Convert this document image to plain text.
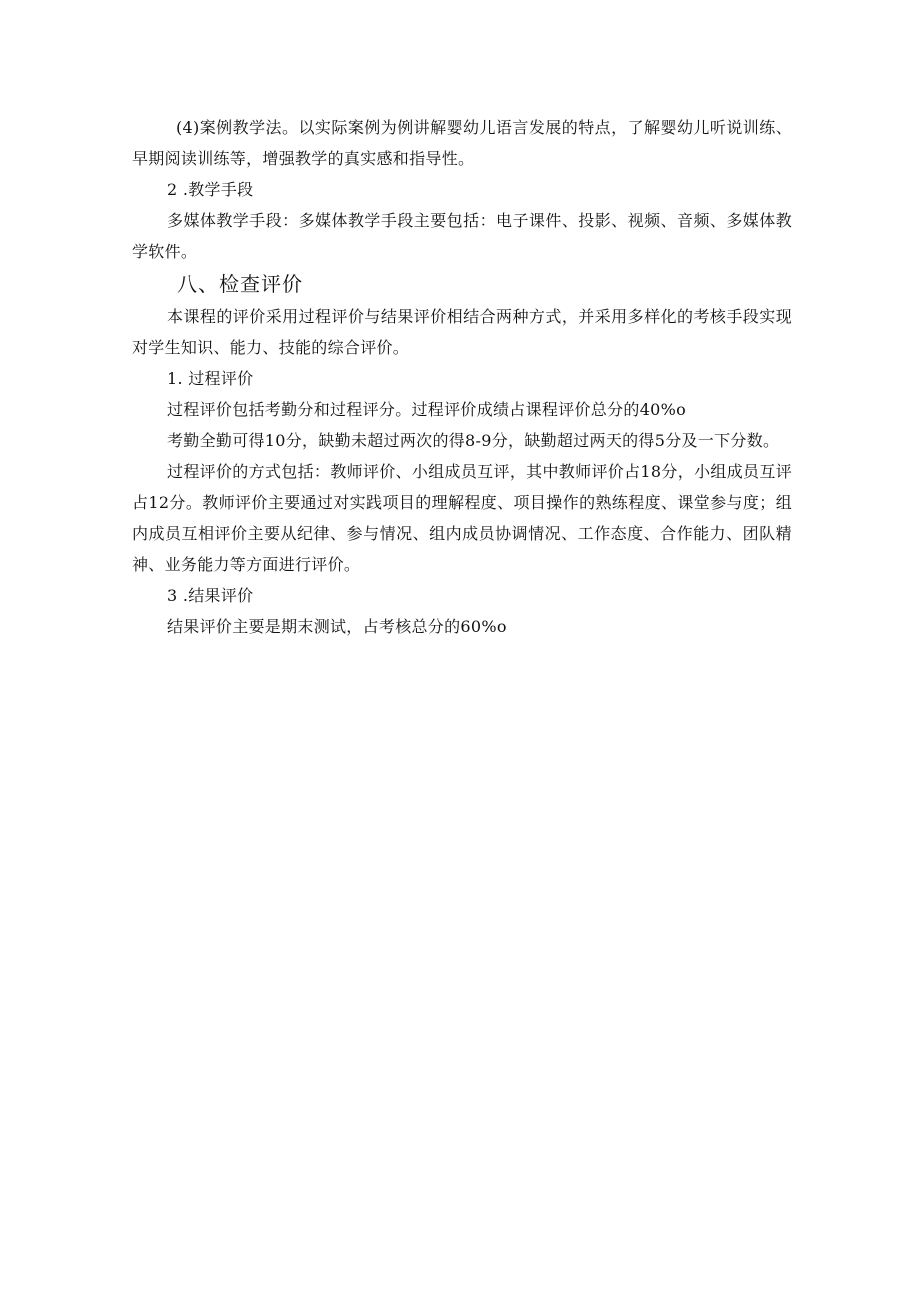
(4)案例教学法。以实际案例为例讲解婴幼儿语言发展的特点，了解婴幼儿听说训练、早期阅读训练等，增强教学的真实感和指导性。

2 .教学手段

多媒体教学手段：多媒体教学手段主要包括：电子课件、投影、视频、音频、多媒体教学软件。

八、检查评价

本课程的评价采用过程评价与结果评价相结合两种方式，并采用多样化的考核手段实现对学生知识、能力、技能的综合评价。

1. 过程评价

过程评价包括考勤分和过程评分。过程评价成绩占课程评价总分的40%o

考勤全勤可得10分，缺勤未超过两次的得8-9分，缺勤超过两天的得5分及一下分数。

过程评价的方式包括：教师评价、小组成员互评，其中教师评价占18分，小组成员互评占12分。教师评价主要通过对实践项目的理解程度、项目操作的熟练程度、课堂参与度；组内成员互相评价主要从纪律、参与情况、组内成员协调情况、工作态度、合作能力、团队精神、业务能力等方面进行评价。

3 .结果评价

结果评价主要是期末测试，占考核总分的60%o
